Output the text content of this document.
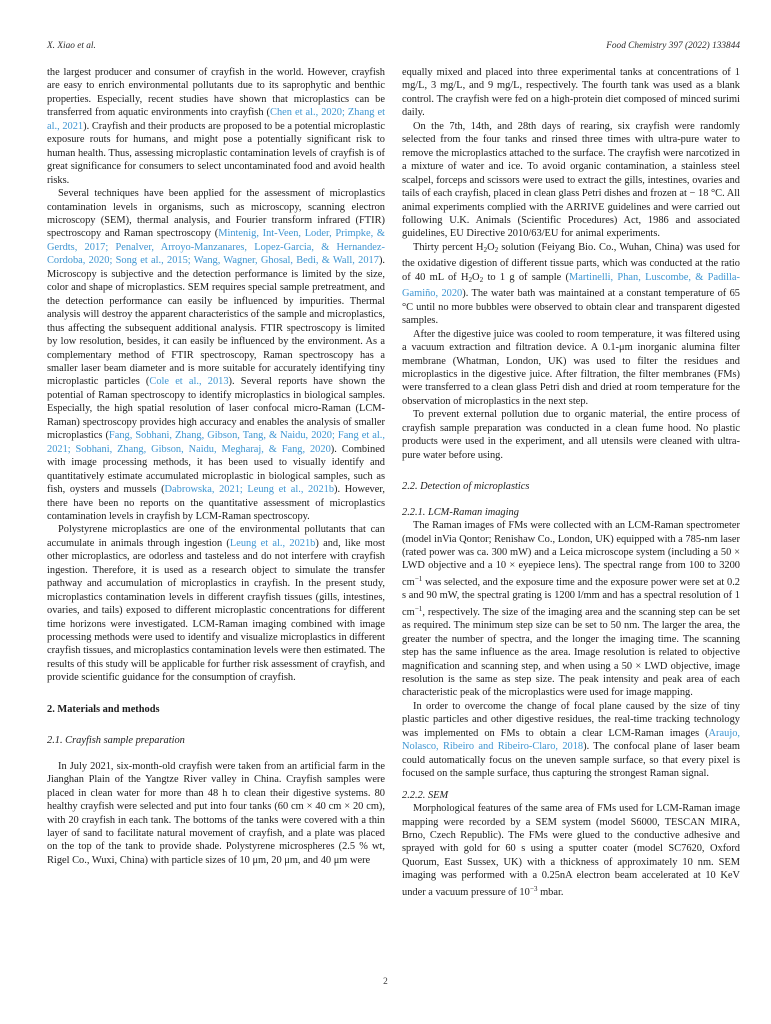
X. Xiao et al.	Food Chemistry 397 (2022) 133844

the largest producer and consumer of crayfish in the world. However, crayfish are easy to enrich environmental pollutants due to its saprophytic and benthic properties. Especially, recent studies have shown that microplastics can be transferred from aquatic environments into crayfish (Chen et al., 2020; Zhang et al., 2021). Crayfish and their products are proposed to be a potential microplastic exposure routs for humans, and might pose a potentially significant risk to human health. Thus, assessing microplastic contamination levels of crayfish is of great significance for consumers to select uncontaminated food and avoid health risks.

Several techniques have been applied for the assessment of microplastics contamination levels in organisms, such as microscopy, scanning electron microscopy (SEM), thermal analysis, and Fourier transform infrared (FTIR) spectroscopy and Raman spectroscopy (Mintenig, Int-Veen, Loder, Primpke, & Gerdts, 2017; Penalver, Arroyo-Manzanares, Lopez-Garcia, & Hernandez-Cordoba, 2020; Song et al., 2015; Wang, Wagner, Ghosal, Bedi, & Wall, 2017). Microscopy is subjective and the detection performance is limited by the size, color and shape of microplastics. SEM requires special sample pretreatment, and the detection performance can easily be influenced by impurities. Thermal analysis will destroy the apparent characteristics of the sample and microplastics, thus affecting the subsequent additional analysis. FTIR spectroscopy is limited by low resolution, besides, it can easily be influenced by the environment. As a complementary method of FTIR spectroscopy, Raman spectroscopy has a smaller laser beam diameter and is more suitable for accurately identifying tiny microplastic particles (Cole et al., 2013). Several reports have shown the potential of Raman spectroscopy to identify microplastics in biological samples. Especially, the high spatial resolution of laser confocal micro-Raman (LCM-Raman) spectroscopy provides high accuracy and enables the analysis of smaller microplastics (Fang, Sobhani, Zhang, Gibson, Tang, & Naidu, 2020; Fang et al., 2021; Sobhani, Zhang, Gibson, Naidu, Megharaj, & Fang, 2020). Combined with image processing methods, it has been used to visually identify and quantitatively estimate accumulated microplastic in biological samples, such as fish, oysters and mussels (Dabrowska, 2021; Leung et al., 2021b). However, there have been no reports on the quantitative assessment of microplastics contamination levels in crayfish by LCM-Raman spectroscopy.

Polystyrene microplastics are one of the environmental pollutants that can accumulate in animals through ingestion (Leung et al., 2021b) and, like most other microplastics, are odorless and tasteless and do not interfere with crayfish ingestion. Therefore, it is used as a research object to simulate the transfer pathway and accumulation of microplastics in crayfish. In the present study, microplastics contamination levels in different crayfish tissues (gills, intestines, ovaries, and tails) exposed to different microplastic concentrations for different time horizons were investigated. LCM-Raman imaging combined with image processing methods were used to identify and visualize microplastics in different crayfish tissues, and microplastics contamination levels were then estimated. The results of this study will be applicable for further risk assessment of crayfish, and provide scientific guidance for the consumption of crayfish.

2. Materials and methods
2.1. Crayfish sample preparation

In July 2021, six-month-old crayfish were taken from an artificial farm in the Jianghan Plain of the Yangtze River valley in China. Crayfish samples were placed in clean water for more than 48 h to clean their digestive systems. 80 healthy crayfish were selected and put into four tanks (60 cm × 40 cm × 20 cm), with 20 crayfish in each tank. The bottoms of the tanks were covered with a thin layer of sand to facilitate natural movement of crayfish, and a plate was placed on the top of the tank to provide shade. Polystyrene microspheres (2.5 % wt, Rigel Co., Wuxi, China) with particle sizes of 10 μm, 20 μm, and 40 μm were

equally mixed and placed into three experimental tanks at concentrations of 1 mg/L, 3 mg/L, and 9 mg/L, respectively. The fourth tank was used as a blank control. The crayfish were fed on a high-protein diet composed of minced surimi daily.

On the 7th, 14th, and 28th days of rearing, six crayfish were randomly selected from the four tanks and rinsed three times with ultra-pure water to remove the microplastics attached to the surface. The crayfish were narcotized in a mixture of water and ice. To avoid organic contamination, a stainless steel scalpel, forceps and scissors were used to extract the gills, intestines, ovaries and tails of each crayfish, placed in clean glass Petri dishes and frozen at − 18 °C. All animal experiments complied with the ARRIVE guidelines and were carried out following U.K. Animals (Scientific Procedures) Act, 1986 and associated guidelines, EU Directive 2010/63/EU for animal experiments.

Thirty percent $H_2O_2$ solution (Feiyang Bio. Co., Wuhan, China) was used for the oxidative digestion of different tissue parts, which was conducted at the ratio of 40 mL of $H_2O_2$ to 1 g of sample (Martinelli, Phan, Luscombe, & Padilla-Gamiño, 2020). The water bath was maintained at a constant temperature of 65 °C until no more bubbles were observed to obtain clear and transparent digested samples.

After the digestive juice was cooled to room temperature, it was filtered using a vacuum extraction and filtration device. A 0.1-μm inorganic alumina filter membrane (Whatman, London, UK) was used to filter the residues and microplastics in the digestive juice. After filtration, the filter membranes (FMs) were transferred to a clean glass Petri dish and dried at room temperature for the observation of microplastics in the next step.

To prevent external pollution due to organic material, the entire process of crayfish sample preparation was conducted in a clean fume hood. No plastic products were used in the experiment, and all utensils were cleaned with ultra-pure water before using.

2.2. Detection of microplastics
2.2.1. LCM-Raman imaging

The Raman images of FMs were collected with an LCM-Raman spectrometer (model inVia Qontor; Renishaw Co., London, UK) equipped with a 785-nm laser (rated power was ca. 300 mW) and a Leica microscope system (including a 50 × LWD objective and a 10 × eyepiece lens). The spectral range from 100 to 3200 $cm^{-1}$ was selected, and the exposure time and the exposure power were set at 0.2 s and 90 mW, the spectral grating is 1200 l/mm and has a spectral resolution of 1 $cm^{-1}$, respectively. The size of the imaging area and the scanning step can be set as required. The minimum step size can be set to 50 nm. The larger the area, the greater the number of spectra, and the longer the imaging time. The scanning step has the same influence as the area. Image resolution is related to objective magnification and scanning step, and when using a 50 × LWD objective, image resolution is the same as step size. The peak intensity and peak area of each characteristic peak of the microplastics were used for image mapping.

In order to overcome the change of focal plane caused by the size of tiny plastic particles and other digestive residues, the real-time tracking technology was implemented on FMs to obtain a clear LCM-Raman images (Araujo, Nolasco, Ribeiro and Ribeiro-Claro, 2018). The confocal plane of laser beam could automatically focus on the uneven sample surface, so that every pixel is focused on the sample surface, thus capturing the strongest Raman signal.

2.2.2. SEM

Morphological features of the same area of FMs used for LCM-Raman image mapping were recorded by a SEM system (model S6000, TESCAN MIRA, Brno, Czech Republic). The FMs were glued to the conductive adhesive and sprayed with gold for 60 s using a sputter coater (model SC7620, Oxford Quorum, East Sussex, UK) with a thickness of approximately 10 nm. SEM imaging was performed with a 0.25nA electron beam accelerated at 10 KeV under a vacuum pressure of $10^{-3}$ mbar.

2
